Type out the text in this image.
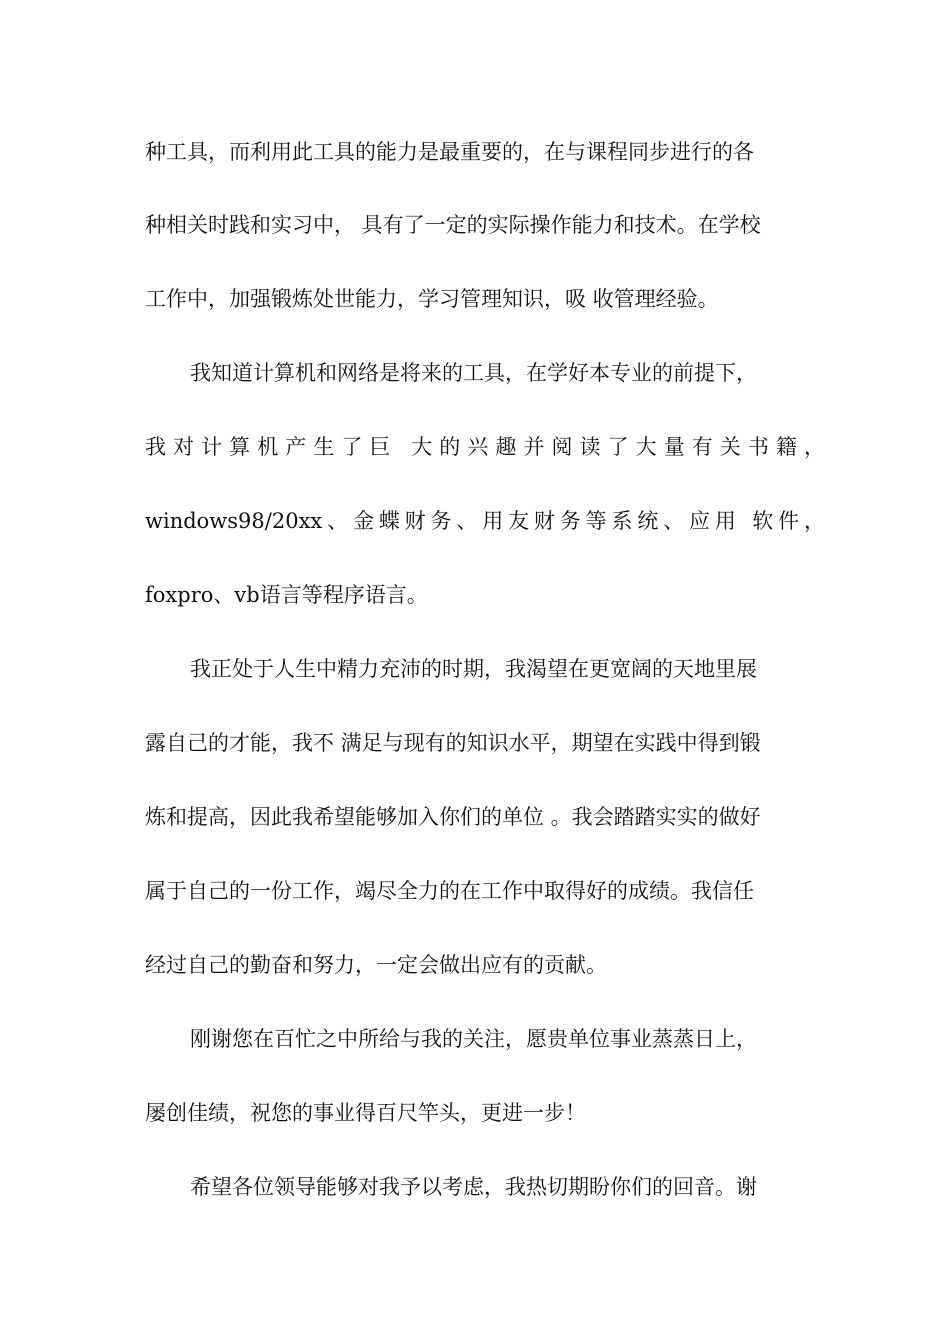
种工具，而利用此工具的能力是最重要的，在与课程同步进行的各
种相关时践和实习中， 具有了一定的实际操作能力和技术。在学校
工作中，加强锻炼处世能力，学习管理知识，吸 收管理经验。
我知道计算机和网络是将来的工具，在学好本专业的前提下，
我对计算机产生了巨 大的兴趣并阅读了大量有关书籍，
windows98/20xx、金蝶财务、用友财务等系统、应用 软件，
foxpro、vb语言等程序语言。
我正处于人生中精力充沛的时期，我渴望在更宽阔的天地里展
露自己的才能，我不 满足与现有的知识水平，期望在实践中得到锻
炼和提高，因此我希望能够加入你们的单位 。我会踏踏实实的做好
属于自己的一份工作，竭尽全力的在工作中取得好的成绩。我信任
经过自己的勤奋和努力，一定会做出应有的贡献。
刚谢您在百忙之中所给与我的关注，愿贵单位事业蒸蒸日上，
屡创佳绩，祝您的事业得百尺竿头，更进一步！
希望各位领导能够对我予以考虑，我热切期盼你们的回音。谢
